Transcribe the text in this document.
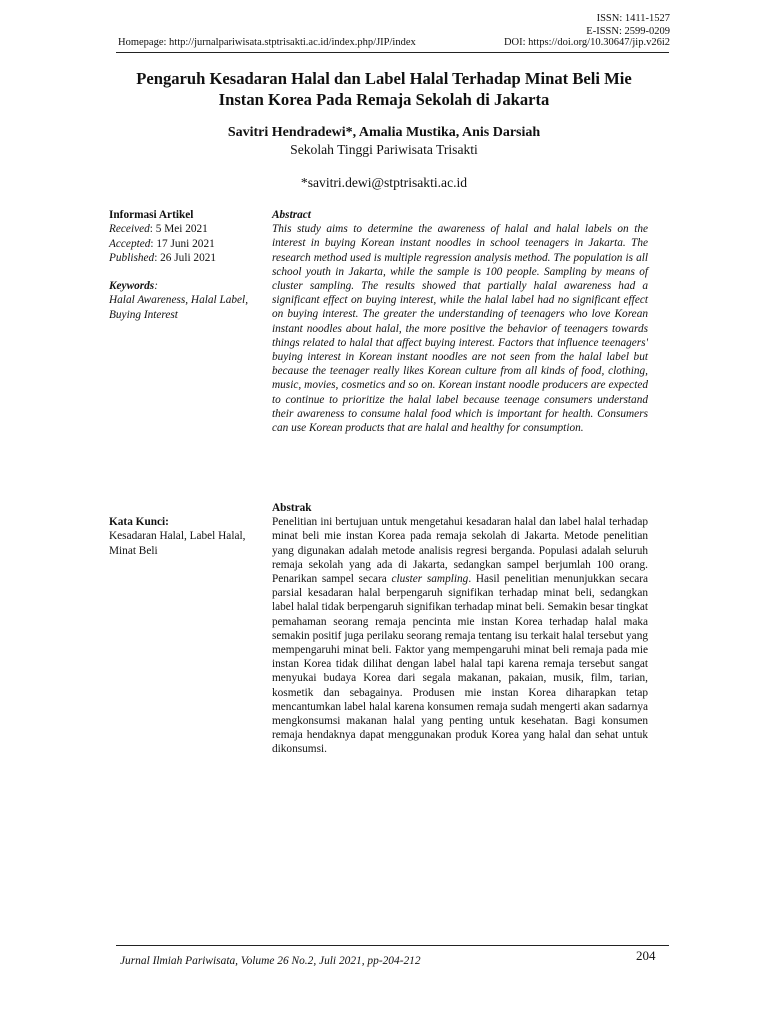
ISSN: 1411-1527
E-ISSN: 2599-0209
Homepage: http://jurnalpariwisata.stptrisakti.ac.id/index.php/JIP/index	DOI: https://doi.org/10.30647/jip.v26i2
Pengaruh Kesadaran Halal dan Label Halal Terhadap Minat Beli Mie
Instan Korea Pada Remaja Sekolah di Jakarta
Savitri Hendradewi*, Amalia Mustika, Anis Darsiah
Sekolah Tinggi Pariwisata Trisakti
*savitri.dewi@stptrisakti.ac.id
Informasi Artikel
Received: 5 Mei 2021
Accepted: 17 Juni 2021
Published: 26 Juli 2021
Keywords:
Halal Awareness, Halal Label, Buying Interest
Abstract
This study aims to determine the awareness of halal and halal labels on the interest in buying Korean instant noodles in school teenagers in Jakarta. The research method used is multiple regression analysis method. The population is all school youth in Jakarta, while the sample is 100 people. Sampling by means of cluster sampling. The results showed that partially halal awareness had a significant effect on buying interest, while the halal label had no significant effect on buying interest. The greater the understanding of teenagers who love Korean instant noodles about halal, the more positive the behavior of teenagers towards things related to halal that affect buying interest. Factors that influence teenagers' buying interest in Korean instant noodles are not seen from the halal label but because the teenager really likes Korean culture from all kinds of food, clothing, music, movies, cosmetics and so on. Korean instant noodle producers are expected to continue to prioritize the halal label because teenage consumers understand their awareness to consume halal food which is important for health. Consumers can use Korean products that are halal and healthy for consumption.
Kata Kunci:
Kesadaran Halal, Label Halal, Minat Beli
Abstrak
Penelitian ini bertujuan untuk mengetahui kesadaran halal dan label halal terhadap minat beli mie instan Korea pada remaja sekolah di Jakarta. Metode penelitian yang digunakan adalah metode analisis regresi berganda. Populasi adalah seluruh remaja sekolah yang ada di Jakarta, sedangkan sampel berjumlah 100 orang. Penarikan sampel secara cluster sampling. Hasil penelitian menunjukkan secara parsial kesadaran halal berpengaruh signifikan terhadap minat beli, sedangkan label halal tidak berpengaruh signifikan terhadap minat beli. Semakin besar tingkat pemahaman seorang remaja pencinta mie instan Korea terhadap halal maka semakin positif juga perilaku seorang remaja tentang isu terkait halal tersebut yang mempengaruhi minat beli. Faktor yang mempengaruhi minat beli remaja pada mie instan Korea tidak dilihat dengan label halal tapi karena remaja tersebut sangat menyukai budaya Korea dari segala makanan, pakaian, musik, film, tarian, kosmetik dan sebagainya. Produsen mie instan Korea diharapkan tetap mencantumkan label halal karena konsumen remaja sudah mengerti akan sadarnya mengkonsumsi makanan halal yang penting untuk kesehatan. Bagi konsumen remaja hendaknya dapat menggunakan produk Korea yang halal dan sehat untuk dikonsumsi.
204
Jurnal Ilmiah Pariwisata, Volume 26 No.2, Juli 2021, pp-204-212
